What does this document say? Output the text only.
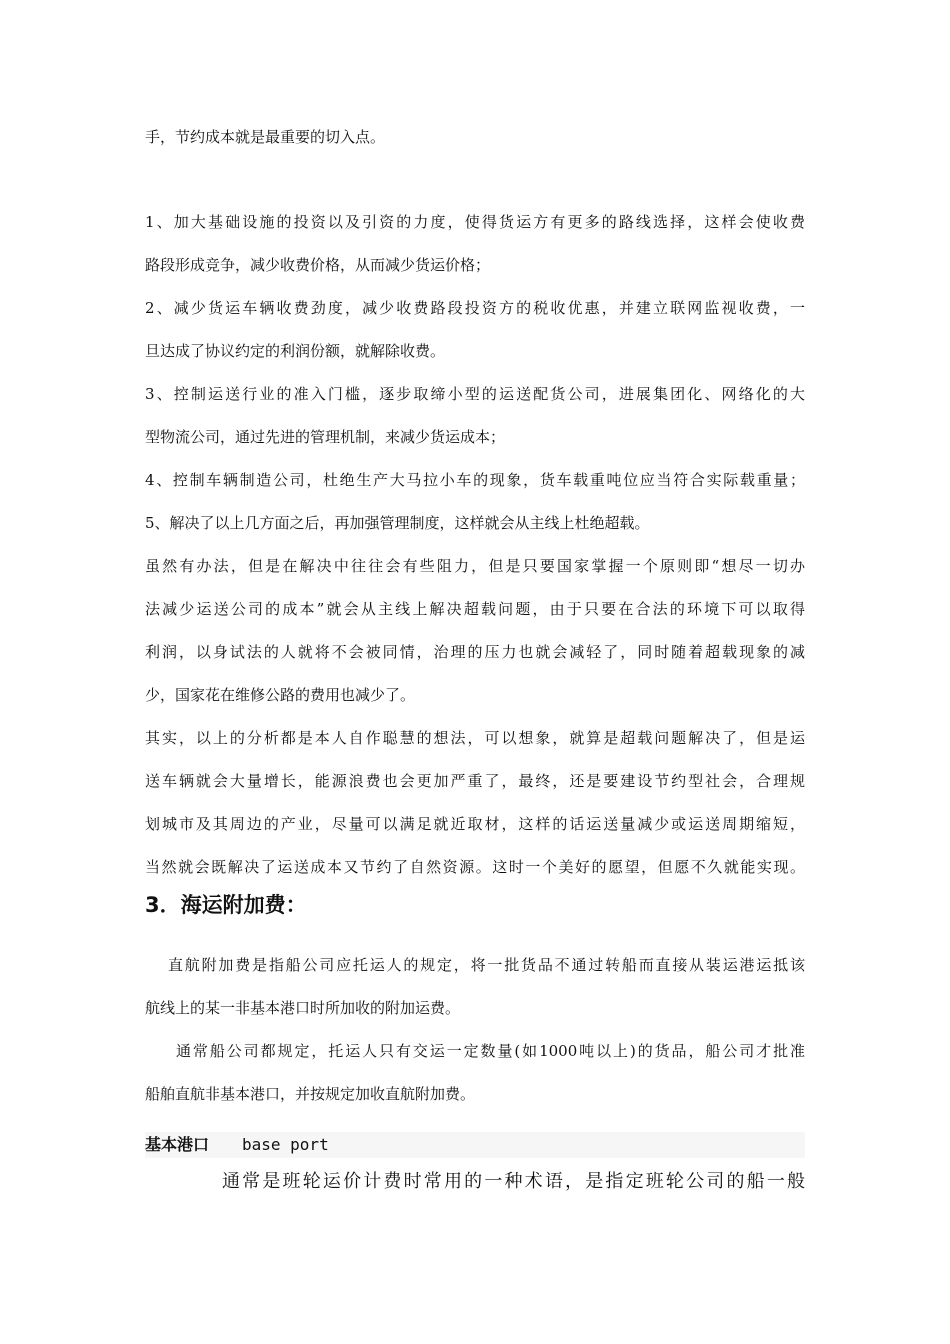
手，节约成本就是最重要的切入点。
1、加大基础设施的投资以及引资的力度，使得货运方有更多的路线选择，这样会使收费
路段形成竞争，减少收费价格，从而减少货运价格；
2、减少货运车辆收费劲度，减少收费路段投资方的税收优惠，并建立联网监视收费，一
旦达成了协议约定的利润份额，就解除收费。
3、控制运送行业的准入门槛，逐步取缔小型的运送配货公司，进展集团化、网络化的大
型物流公司，通过先进的管理机制，来减少货运成本；
4、控制车辆制造公司，杜绝生产大马拉小车的现象，货车载重吨位应当符合实际载重量；
5、解决了以上几方面之后，再加强管理制度，这样就会从主线上杜绝超载。
虽然有办法，但是在解决中往往会有些阻力，但是只要国家掌握一个原则即“想尽一切办
法减少运送公司的成本”就会从主线上解决超载问题，由于只要在合法的环境下可以取得
利润，以身试法的人就将不会被同情，治理的压力也就会减轻了，同时随着超载现象的减
少，国家花在维修公路的费用也减少了。
其实，以上的分析都是本人自作聪慧的想法，可以想象，就算是超载问题解决了，但是运
送车辆就会大量增长，能源浪费也会更加严重了，最终，还是要建设节约型社会，合理规
划城市及其周边的产业，尽量可以满足就近取材，这样的话运送量减少或运送周期缩短，
当然就会既解决了运送成本又节约了自然资源。这时一个美好的愿望，但愿不久就能实现。
3．海运附加费：
直航附加费是指船公司应托运人的规定，将一批货品不通过转船而直接从装运港运抵该
航线上的某一非基本港口时所加收的附加运费。
通常船公司都规定，托运人只有交运一定数量(如1000吨以上)的货品，船公司才批准
船舶直航非基本港口，并按规定加收直航附加费。
基本港口 base port
通常是班轮运价计费时常用的一种术语，是指定班轮公司的船一般
